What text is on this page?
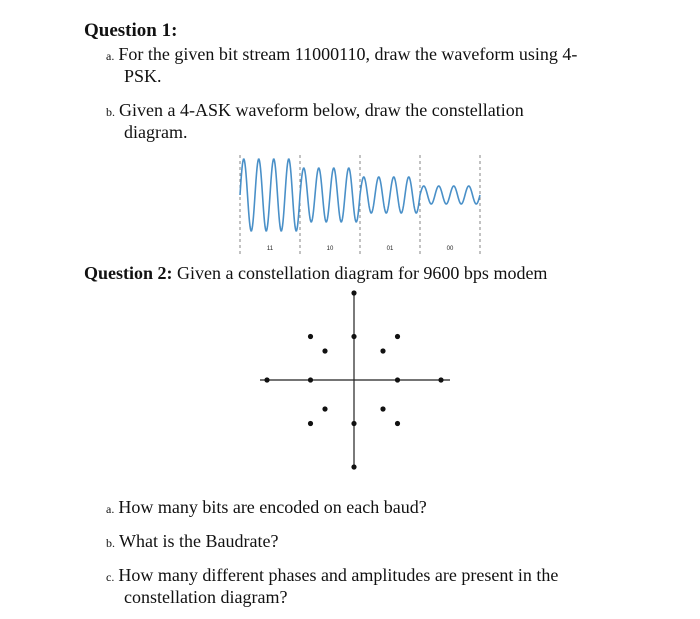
Question 1:
a. For the given bit stream 11000110, draw the waveform using 4-
PSK.
b. Given a 4-ASK waveform below, draw the constellation
diagram.
11	10	01	00
Question 2: Given a constellation diagram for 9600 bps modem
a. How many bits are encoded on each baud?
b. What is the Baudrate?
c. How many different phases and amplitudes are present in the
constellation diagram?
